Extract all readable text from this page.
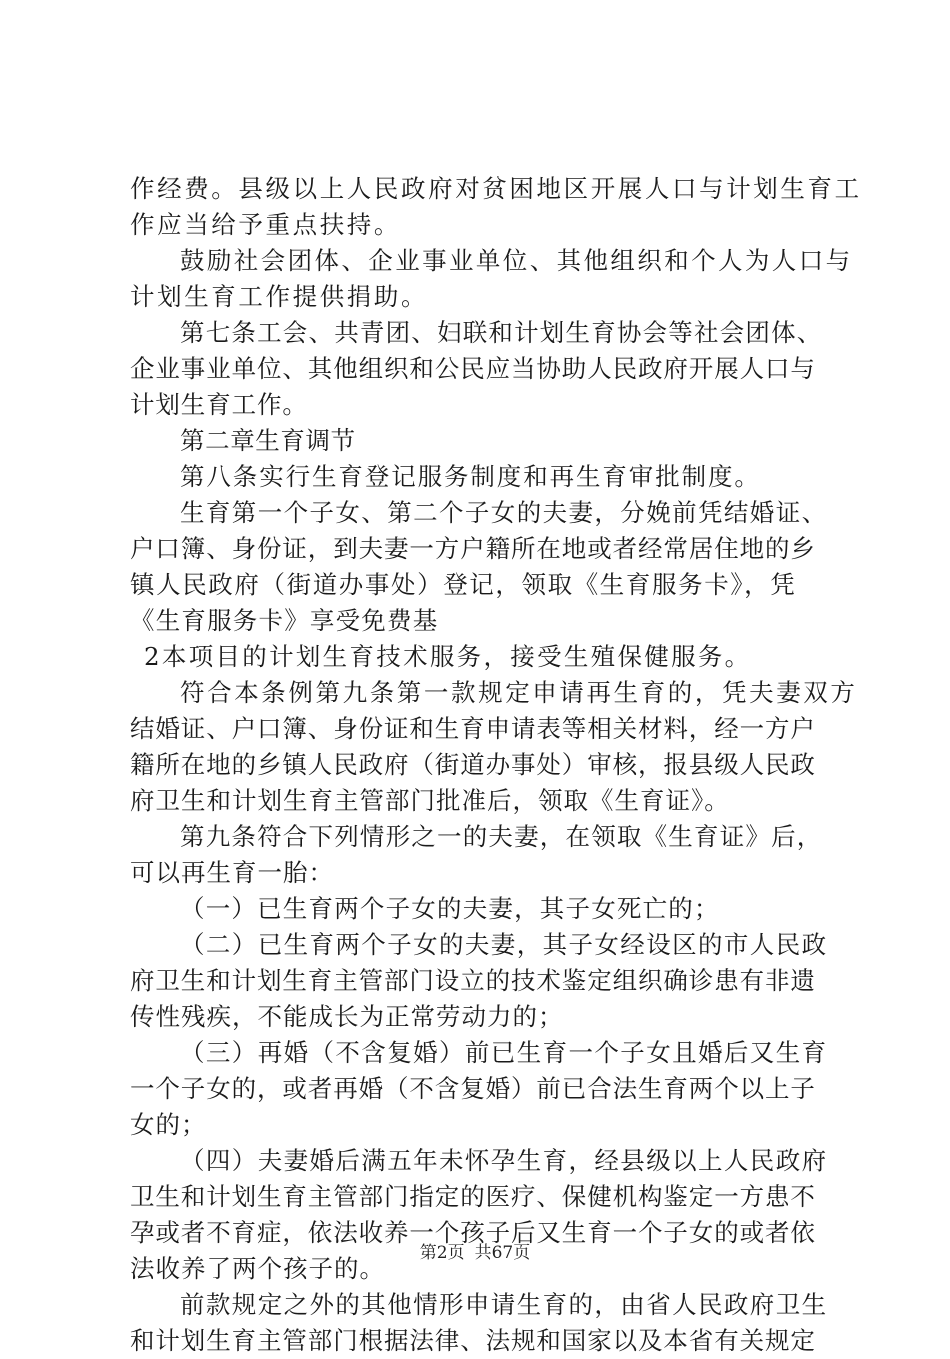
作经费。县级以上人民政府对贫困地区开展人口与计划生育工
作应当给予重点扶持。
鼓励社会团体、企业事业单位、其他组织和个人为人口与
计划生育工作提供捐助。
第七条工会、共青团、妇联和计划生育协会等社会团体、
企业事业单位、其他组织和公民应当协助人民政府开展人口与
计划生育工作。
第二章生育调节
第八条实行生育登记服务制度和再生育审批制度。
生育第一个子女、第二个子女的夫妻，分娩前凭结婚证、
户口簿、身份证，到夫妻一方户籍所在地或者经常居住地的乡
镇人民政府（街道办事处）登记，领取《生育服务卡》，凭
《生育服务卡》享受免费基
2本项目的计划生育技术服务，接受生殖保健服务。
符合本条例第九条第一款规定申请再生育的，凭夫妻双方
结婚证、户口簿、身份证和生育申请表等相关材料，经一方户
籍所在地的乡镇人民政府（街道办事处）审核，报县级人民政
府卫生和计划生育主管部门批准后，领取《生育证》。
第九条符合下列情形之一的夫妻，在领取《生育证》后，
可以再生育一胎：
（一）已生育两个子女的夫妻，其子女死亡的；
（二）已生育两个子女的夫妻，其子女经设区的市人民政
府卫生和计划生育主管部门设立的技术鉴定组织确诊患有非遗
传性残疾，不能成长为正常劳动力的；
（三）再婚（不含复婚）前已生育一个子女且婚后又生育
一个子女的，或者再婚（不含复婚）前已合法生育两个以上子
女的；
（四）夫妻婚后满五年未怀孕生育，经县级以上人民政府
卫生和计划生育主管部门指定的医疗、保健机构鉴定一方患不
孕或者不育症，依法收养一个孩子后又生育一个子女的或者依
法收养了两个孩子的。
前款规定之外的其他情形申请生育的，由省人民政府卫生
和计划生育主管部门根据法律、法规和国家以及本省有关规定
第2页 共67页
